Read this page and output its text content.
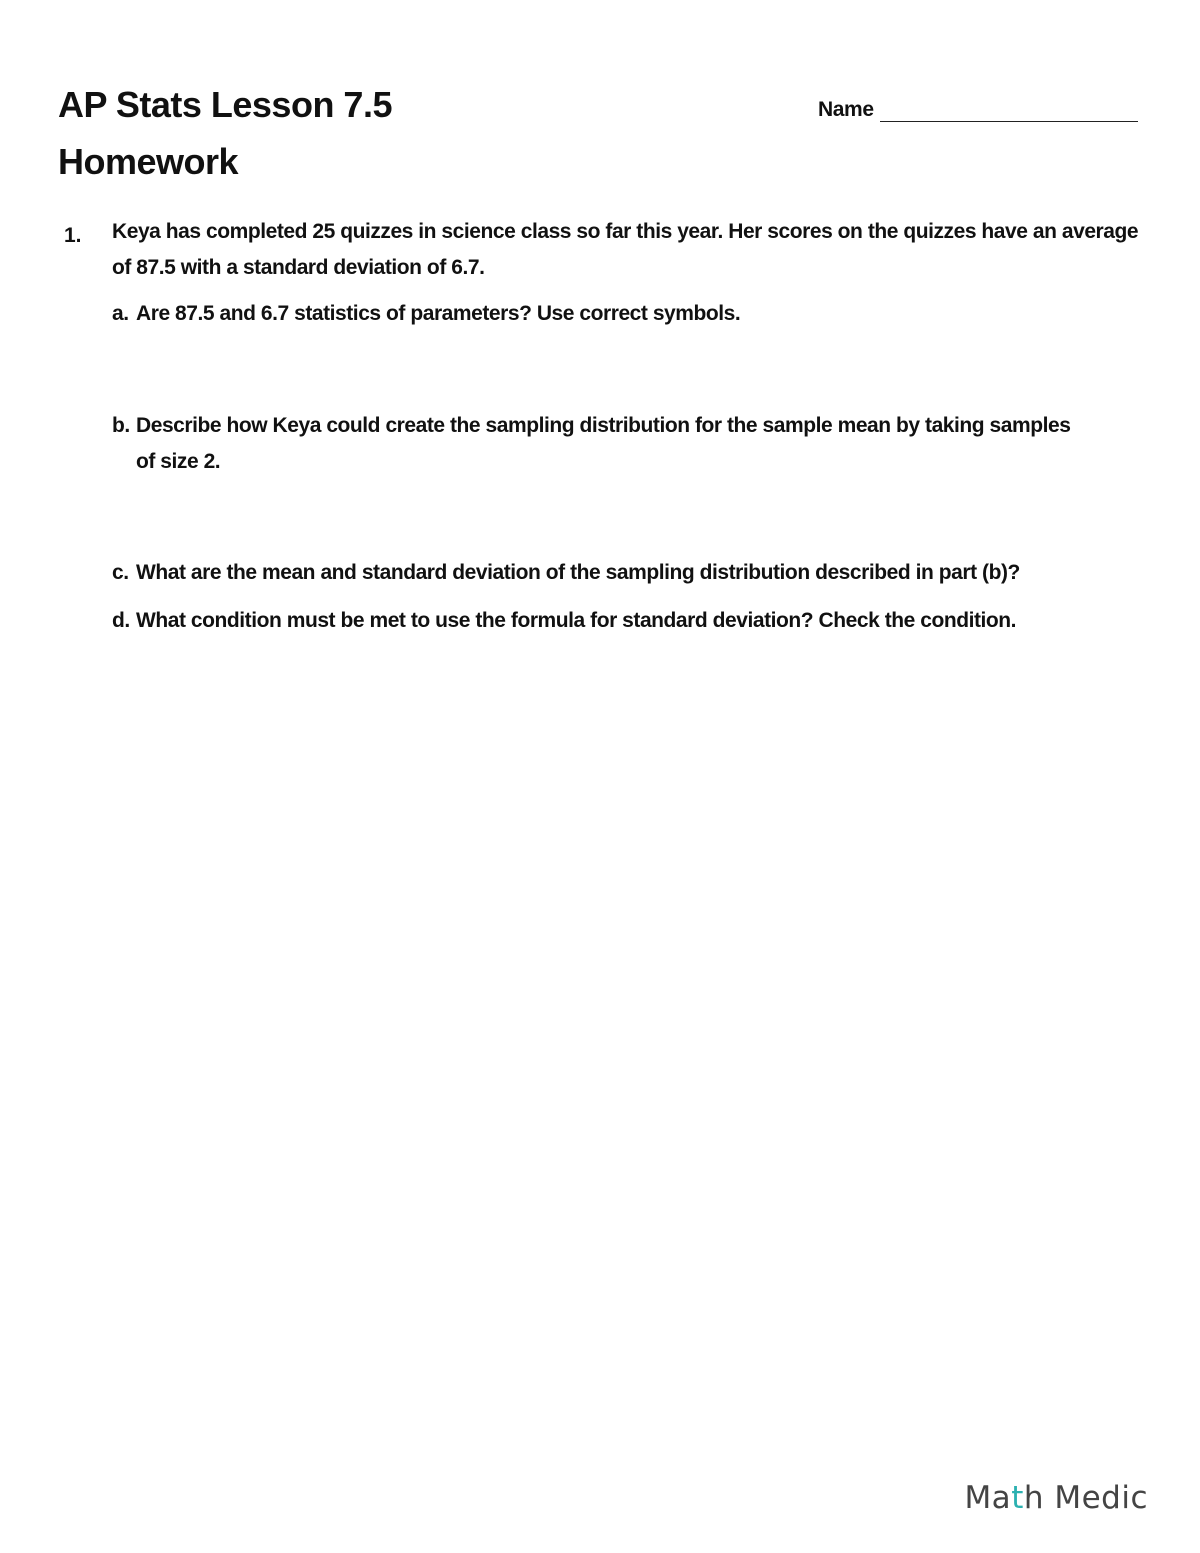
AP Stats Lesson 7.5
Homework
Name
1. Keya has completed 25 quizzes in science class so far this year. Her scores on the quizzes have an average of 87.5 with a standard deviation of 6.7.
a. Are 87.5 and 6.7 statistics of parameters? Use correct symbols.
b. Describe how Keya could create the sampling distribution for the sample mean by taking samples of size 2.
c. What are the mean and standard deviation of the sampling distribution described in part (b)?
d. What condition must be met to use the formula for standard deviation? Check the condition.
Math Medic
